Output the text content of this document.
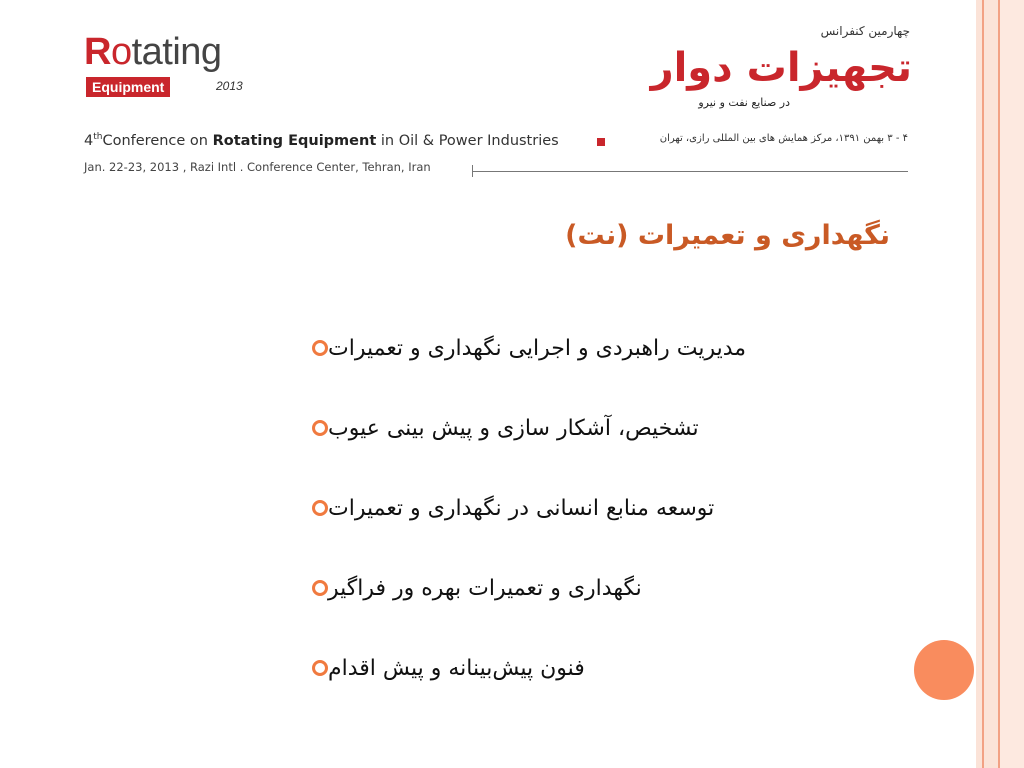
Rotating
Equipment	2013
چهارمین کنفرانس
تجهیزات دوار
در صنایع نفت و نیرو
4thConference on Rotating Equipment in Oil & Power Industries	۴ - ۳ بهمن ۱۳۹۱، مرکز همایش های بین المللی رازی، تهران
Jan. 22-23, 2013 , Razi Intl . Conference Center, Tehran, Iran
نگهداری و تعمیرات (نت)
مدیریت راهبردی و اجرایی نگهداری و تعمیرات
تشخیص، آشکار سازی و پیش بینی عیوب
توسعه منابع انسانی در نگهداری و تعمیرات
نگهداری و تعمیرات بهره ور فراگیر
فنون پیش‌بینانه و پیش اقدام
